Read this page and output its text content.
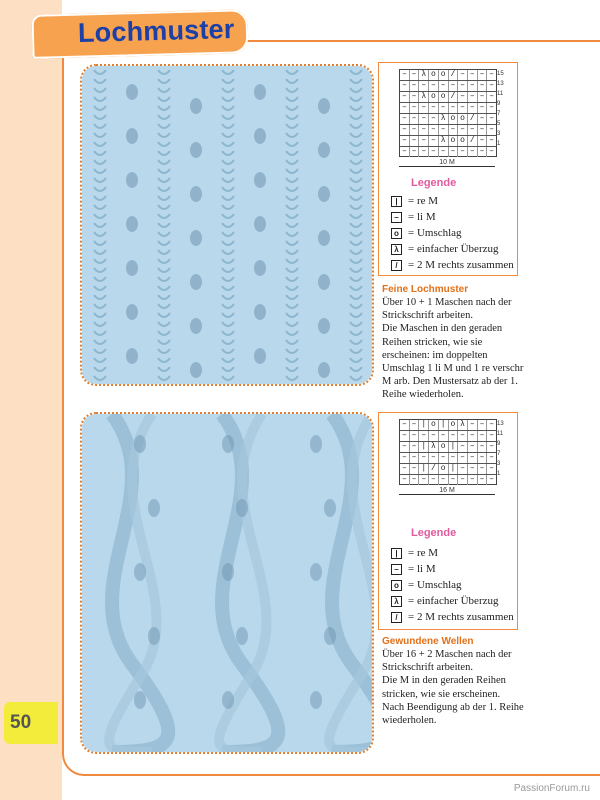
Lochmuster
– – λ o o / – – – –
– – – – – – – – – –
– – λ o o / – – – –
– – – – – – – – – –
– – – – λ o o / – –
– – – – – – – – – –
– – – – λ o o / – –
– – – – – – – – – –
15
13
11
9
7
5
3
1
10 M
Legende
| = re M
– = li M
o = Umschlag
λ = einfacher Überzug
/ = 2 M rechts zusammen
Feine Lochmuster
Über 10 + 1 Maschen nach der Strickschrift arbeiten.
Die Maschen in den geraden Reihen stricken, wie sie erscheinen: im doppelten Umschlag 1 li M und 1 re verschr M arb. Den Mustersatz ab der 1. Reihe wiederholen.
– – | o | o λ – – –
– – – – – – – – – –
– – | λ o | – – – –
– – – – – – – – – –
– – | / o | – – – –
– – – – – – – – – –
13
11
9
7
3
1
16 M
Legende
| = re M
– = li M
o = Umschlag
λ = einfacher Überzug
/ = 2 M rechts zusammen
Gewundene Wellen
Über 16 + 2 Maschen nach der Strickschrift arbeiten.
Die M in den geraden Reihen stricken, wie sie erscheinen.
Nach Beendigung ab der 1. Reihe wiederholen.
50
PassionForum.ru
